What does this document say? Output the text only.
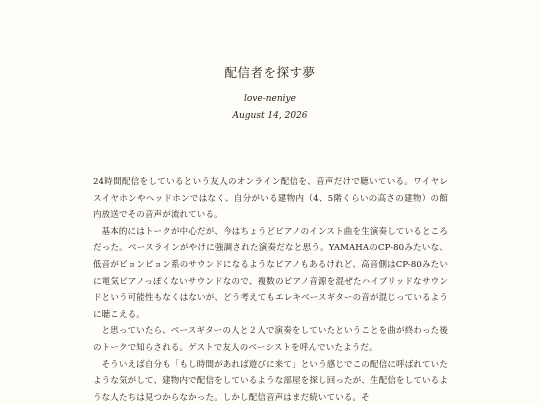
配信者を探す夢
love-neniye
August 14, 2026

24時間配信をしているという友人のオンライン配信を、音声だけで聴いている。ワイヤレスイヤホンやヘッドホンではなく、自分がいる建物内（4、5階くらいの高さの建物）の館内放送でその音声が流れている。

基本的にはトークが中心だが、今はちょうどピアノのインスト曲を生演奏しているところだった。ベースラインがやけに強調された演奏だなと思う。YAMAHAのCP-80みたいな、低音がビョンビョン系のサウンドになるようなピアノもあるけれど、高音側はCP-80みたいに電気ピアノっぽくないサウンドなので、複数のピアノ音源を混ぜたハイブリッドなサウンドという可能性もなくはないが、どう考えてもエレキベースギターの音が混じっているように聴こえる。

と思っていたら、ベースギターの人と２人で演奏をしていたということを曲が終わった後のトークで知らされる。ゲストで友人のベーシストを呼んでいたようだ。

そういえば自分も「もし時間があれば遊びに来て」という感じでこの配信に呼ばれていたような気がして、建物内で配信をしているような部屋を探し回ったが、生配信をしているような人たちは見つからなかった。しかし配信音声はまだ続いている。そ
